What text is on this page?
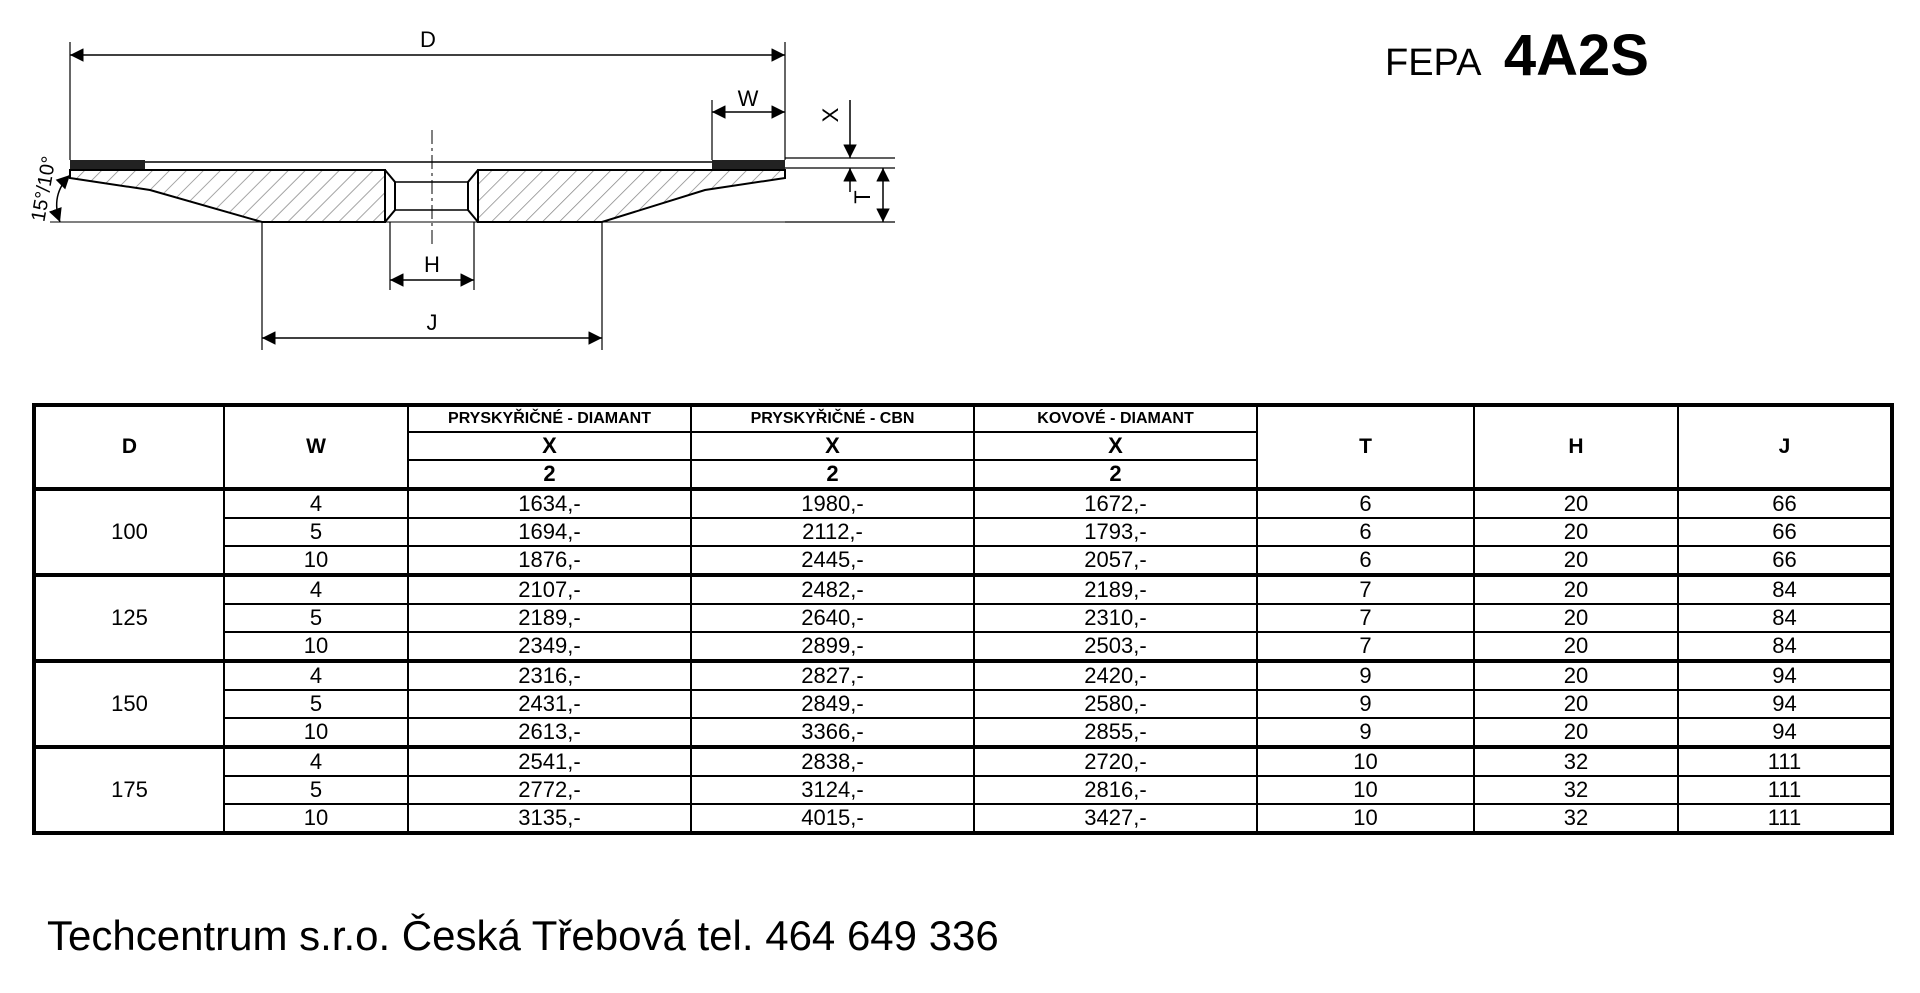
D
W
X
T
15°/10°
H
J
FEPA 4A2S
D	W	PRYSKYŘIČNÉ - DIAMANT	PRYSKYŘIČNÉ - CBN	KOVOVÉ - DIAMANT	T	H	J
		X	X	X			
		2	2	2			
100	4	1634,-	1980,-	1672,-	6	20	66
	5	1694,-	2112,-	1793,-	6	20	66
	10	1876,-	2445,-	2057,-	6	20	66
125	4	2107,-	2482,-	2189,-	7	20	84
	5	2189,-	2640,-	2310,-	7	20	84
	10	2349,-	2899,-	2503,-	7	20	84
150	4	2316,-	2827,-	2420,-	9	20	94
	5	2431,-	2849,-	2580,-	9	20	94
	10	2613,-	3366,-	2855,-	9	20	94
175	4	2541,-	2838,-	2720,-	10	32	111
	5	2772,-	3124,-	2816,-	10	32	111
	10	3135,-	4015,-	3427,-	10	32	111
Techcentrum s.r.o. Česká Třebová tel. 464 649 336
